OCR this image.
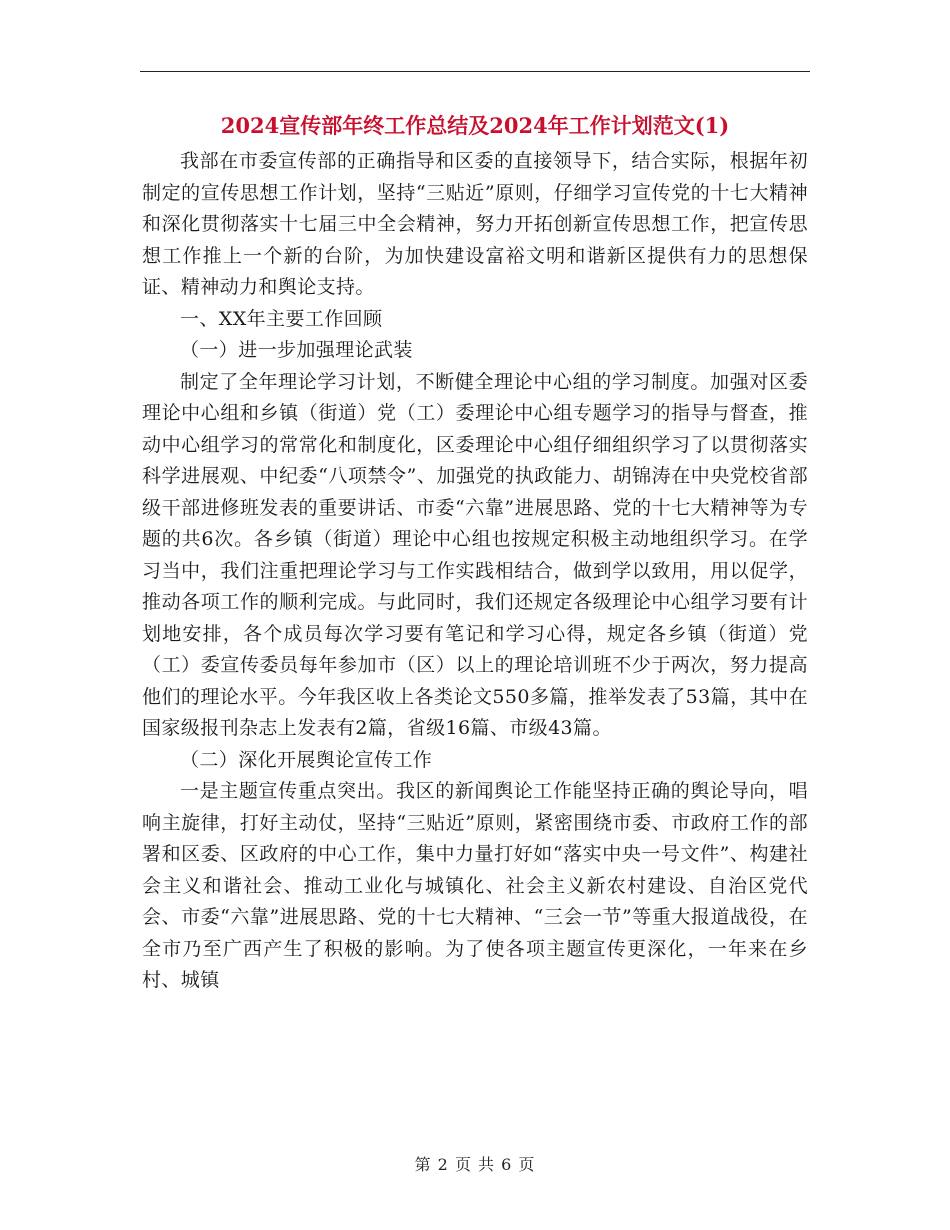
2024宣传部年终工作总结及2024年工作计划范文(1)

我部在市委宣传部的正确指导和区委的直接领导下，结合实际，根据年初制定的宣传思想工作计划，坚持“三贴近”原则，仔细学习宣传党的十七大精神和深化贯彻落实十七届三中全会精神，努力开拓创新宣传思想工作，把宣传思想工作推上一个新的台阶，为加快建设富裕文明和谐新区提供有力的思想保证、精神动力和舆论支持。

一、XX年主要工作回顾

（一）进一步加强理论武装

制定了全年理论学习计划，不断健全理论中心组的学习制度。加强对区委理论中心组和乡镇（街道）党（工）委理论中心组专题学习的指导与督查，推动中心组学习的常常化和制度化，区委理论中心组仔细组织学习了以贯彻落实科学进展观、中纪委“八项禁令”、加强党的执政能力、胡锦涛在中央党校省部级干部进修班发表的重要讲话、市委“六靠”进展思路、党的十七大精神等为专题的共6次。各乡镇（街道）理论中心组也按规定积极主动地组织学习。在学习当中，我们注重把理论学习与工作实践相结合，做到学以致用，用以促学，推动各项工作的顺利完成。与此同时，我们还规定各级理论中心组学习要有计划地安排，各个成员每次学习要有笔记和学习心得，规定各乡镇（街道）党（工）委宣传委员每年参加市（区）以上的理论培训班不少于两次，努力提高他们的理论水平。今年我区收上各类论文550多篇，推举发表了53篇，其中在国家级报刊杂志上发表有2篇，省级16篇、市级43篇。

（二）深化开展舆论宣传工作

一是主题宣传重点突出。我区的新闻舆论工作能坚持正确的舆论导向，唱响主旋律，打好主动仗，坚持“三贴近”原则，紧密围绕市委、市政府工作的部署和区委、区政府的中心工作，集中力量打好如“落实中央一号文件”、构建社会主义和谐社会、推动工业化与城镇化、社会主义新农村建设、自治区党代会、市委“六靠”进展思路、党的十七大精神、“三会一节”等重大报道战役，在全市乃至广西产生了积极的影响。为了使各项主题宣传更深化，一年来在乡村、城镇

第 2 页 共 6 页
